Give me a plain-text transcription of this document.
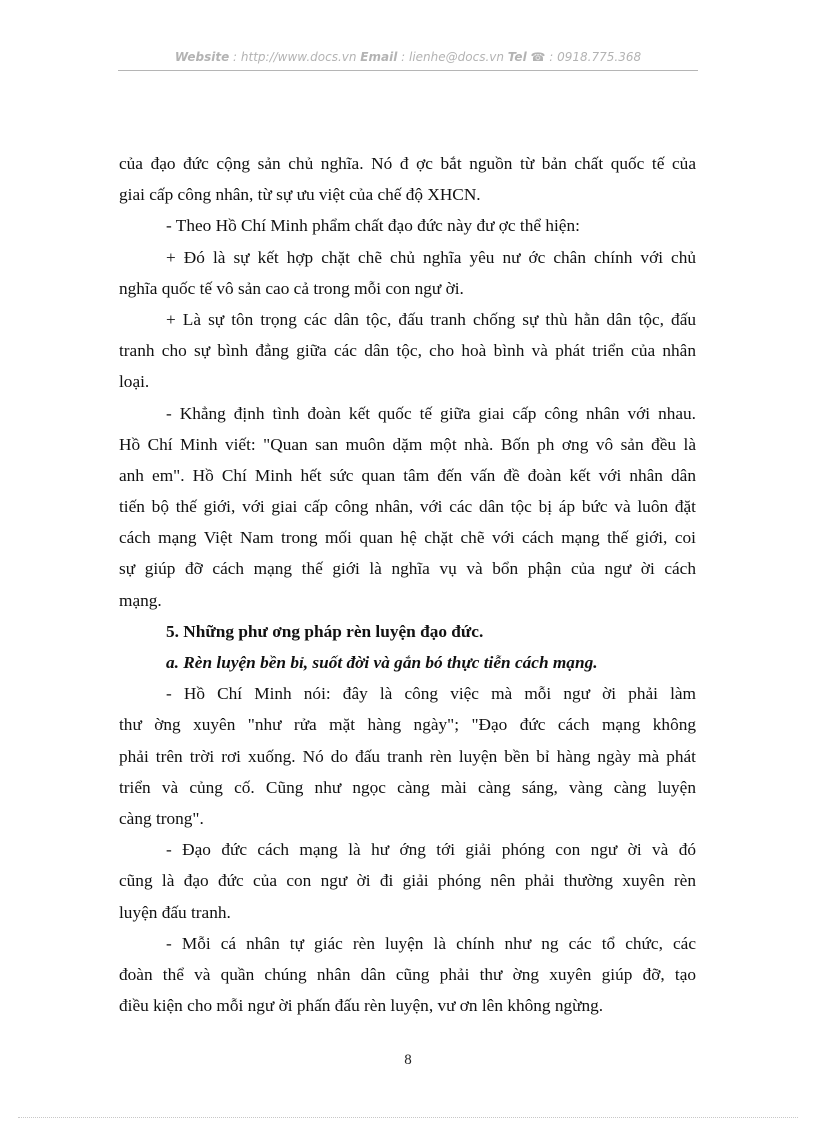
Website : http://www.docs.vn Email : lienhe@docs.vn Tel ☎ : 0918.775.368
của đạo đức cộng sản chủ nghĩa. Nó đ ợc bắt nguồn từ bản chất quốc tế của
giai cấp công nhân, từ sự ưu việt của chế độ XHCN.
- Theo Hồ Chí Minh phẩm chất đạo đức này đư ợc thể hiện:
+ Đó là sự kết hợp chặt chẽ chủ nghĩa yêu nư ớc chân chính với chủ
nghĩa quốc tế vô sản cao cả trong mỗi con ngư ời.
+ Là sự tôn trọng các dân tộc, đấu tranh chống sự thù hằn dân tộc, đấu
tranh cho sự bình đẳng giữa các dân tộc, cho hoà bình và phát triển của nhân
loại.
- Khẳng định tình đoàn kết quốc tế giữa giai cấp công nhân với nhau.
Hồ Chí Minh viết: "Quan san muôn dặm một nhà. Bốn ph ơng vô sản đều là
anh em". Hồ Chí Minh hết sức quan tâm đến vấn đề đoàn kết với nhân dân
tiến bộ thế giới, với giai cấp công nhân, với các dân tộc bị áp bức và luôn đặt
cách mạng Việt Nam trong mối quan hệ chặt chẽ với cách mạng thế giới, coi
sự giúp đỡ cách mạng thế giới là nghĩa vụ và bổn phận của ngư ời cách
mạng.
5. Những phư ơng pháp rèn luyện đạo đức.
a. Rèn luyện bền bỉ, suốt đời và gắn bó thực tiễn cách mạng.
- Hồ Chí Minh nói: đây là công việc mà mỗi ngư ời phải làm
thư ờng xuyên "như rửa mặt hàng ngày"; "Đạo đức cách mạng không
phải trên trời rơi xuống. Nó do đấu tranh rèn luyện bền bỉ hàng ngày mà phát
triển và củng cố. Cũng như ngọc càng mài càng sáng, vàng càng luyện
càng trong".
- Đạo đức cách mạng là hư ớng tới giải phóng con ngư ời và đó
cũng là đạo đức của con ngư ời đi giải phóng nên phải thường xuyên rèn
luyện đấu tranh.
- Mỗi cá nhân tự giác rèn luyện là chính như ng các tổ chức, các
đoàn thể và quần chúng nhân dân cũng phải thư ờng xuyên giúp đỡ, tạo
điều kiện cho mỗi ngư ời phấn đấu rèn luyện, vư ơn lên không ngừng.
8
